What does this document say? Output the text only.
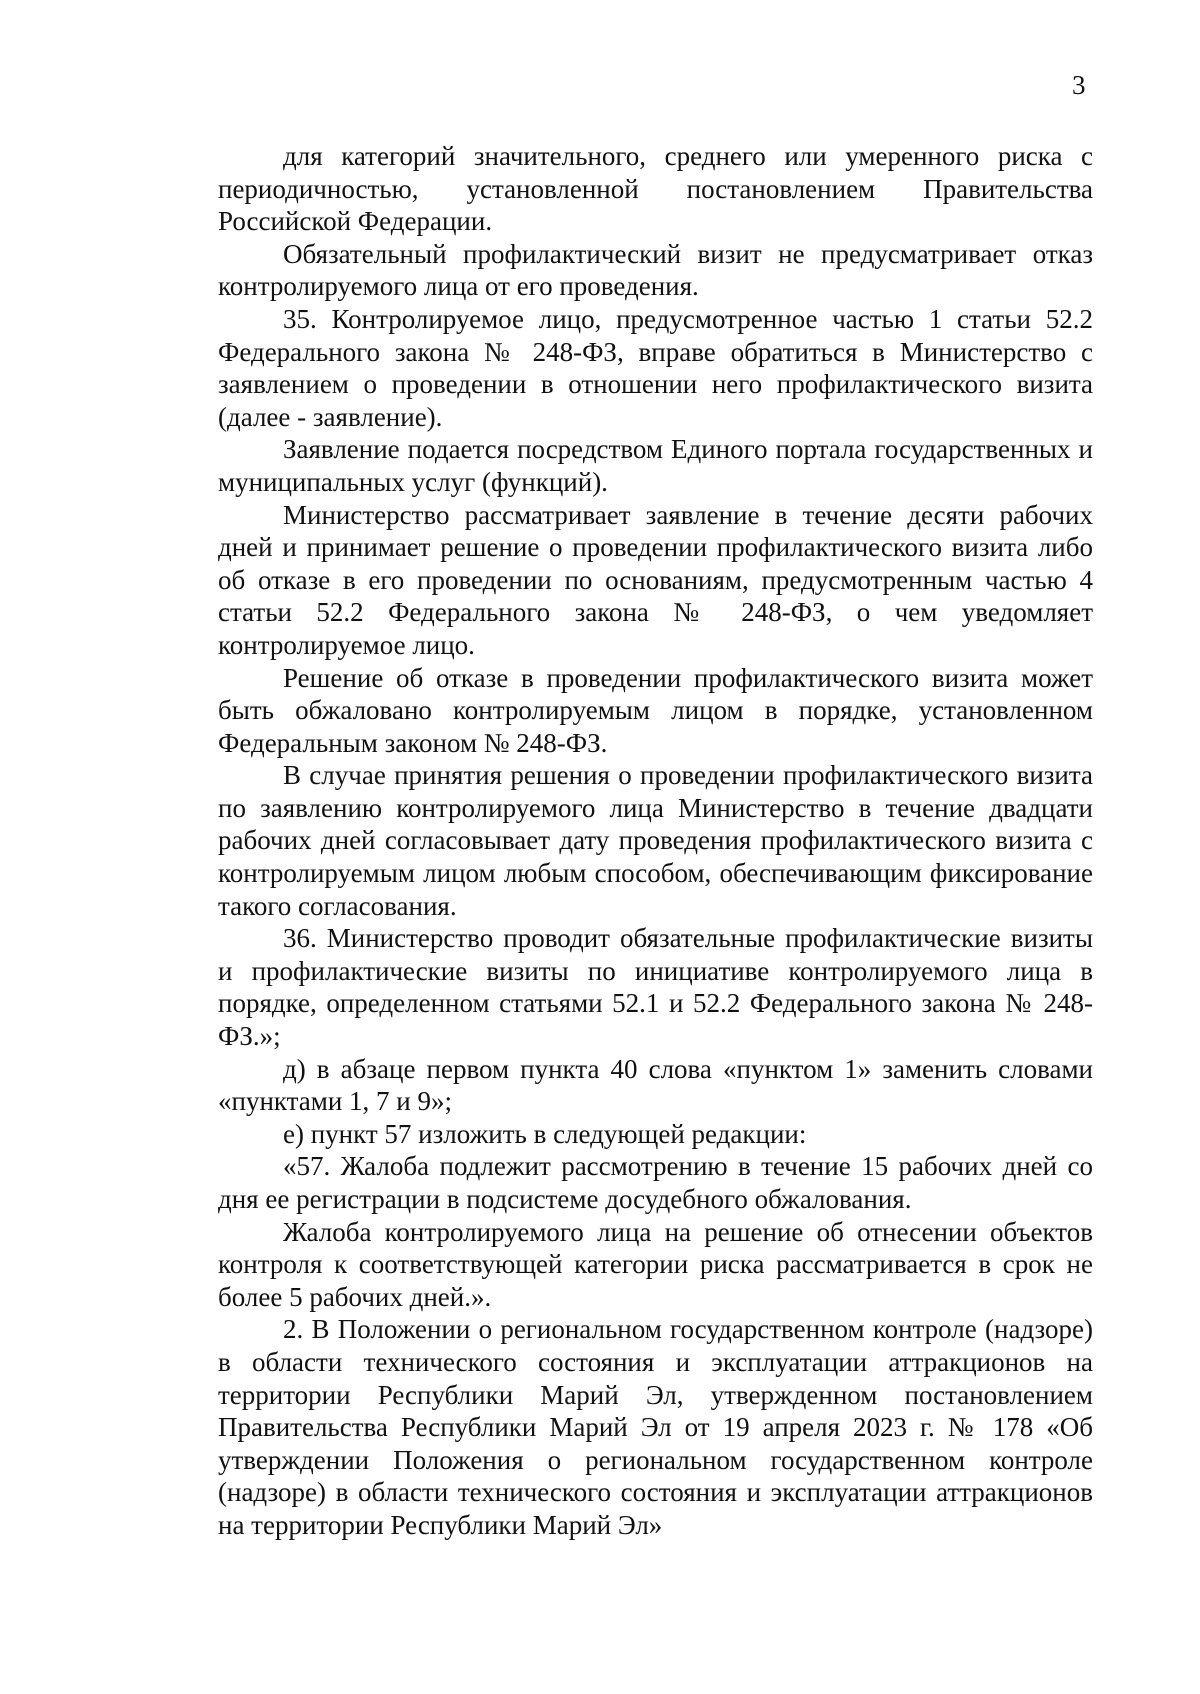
3

для категорий значительного, среднего или умеренного риска с периодичностью, установленной постановлением Правительства Российской Федерации.

Обязательный профилактический визит не предусматривает отказ контролируемого лица от его проведения.

35. Контролируемое лицо, предусмотренное частью 1 статьи 52.2 Федерального закона № 248-ФЗ, вправе обратиться в Министерство с заявлением о проведении в отношении него профилактического визита (далее - заявление).

Заявление подается посредством Единого портала государственных и муниципальных услуг (функций).

Министерство рассматривает заявление в течение десяти рабочих дней и принимает решение о проведении профилактического визита либо об отказе в его проведении по основаниям, предусмотренным частью 4 статьи 52.2 Федерального закона № 248-ФЗ, о чем уведомляет контролируемое лицо.

Решение об отказе в проведении профилактического визита может быть обжаловано контролируемым лицом в порядке, установленном Федеральным законом № 248-ФЗ.

В случае принятия решения о проведении профилактического визита по заявлению контролируемого лица Министерство в течение двадцати рабочих дней согласовывает дату проведения профилактического визита с контролируемым лицом любым способом, обеспечивающим фиксирование такого согласования.

36. Министерство проводит обязательные профилактические визиты и профилактические визиты по инициативе контролируемого лица в порядке, определенном статьями 52.1 и 52.2 Федерального закона № 248-ФЗ.»;

д) в абзаце первом пункта 40 слова «пунктом 1» заменить словами «пунктами 1, 7 и 9»;

е) пункт 57 изложить в следующей редакции:

«57. Жалоба подлежит рассмотрению в течение 15 рабочих дней со дня ее регистрации в подсистеме досудебного обжалования.

Жалоба контролируемого лица на решение об отнесении объектов контроля к соответствующей категории риска рассматривается в срок не более 5 рабочих дней.».

2. В Положении о региональном государственном контроле (надзоре) в области технического состояния и эксплуатации аттракционов на территории Республики Марий Эл, утвержденном постановлением Правительства Республики Марий Эл от 19 апреля 2023 г. № 178 «Об утверждении Положения о региональном государственном контроле (надзоре) в области технического состояния и эксплуатации аттракционов на территории Республики Марий Эл»
